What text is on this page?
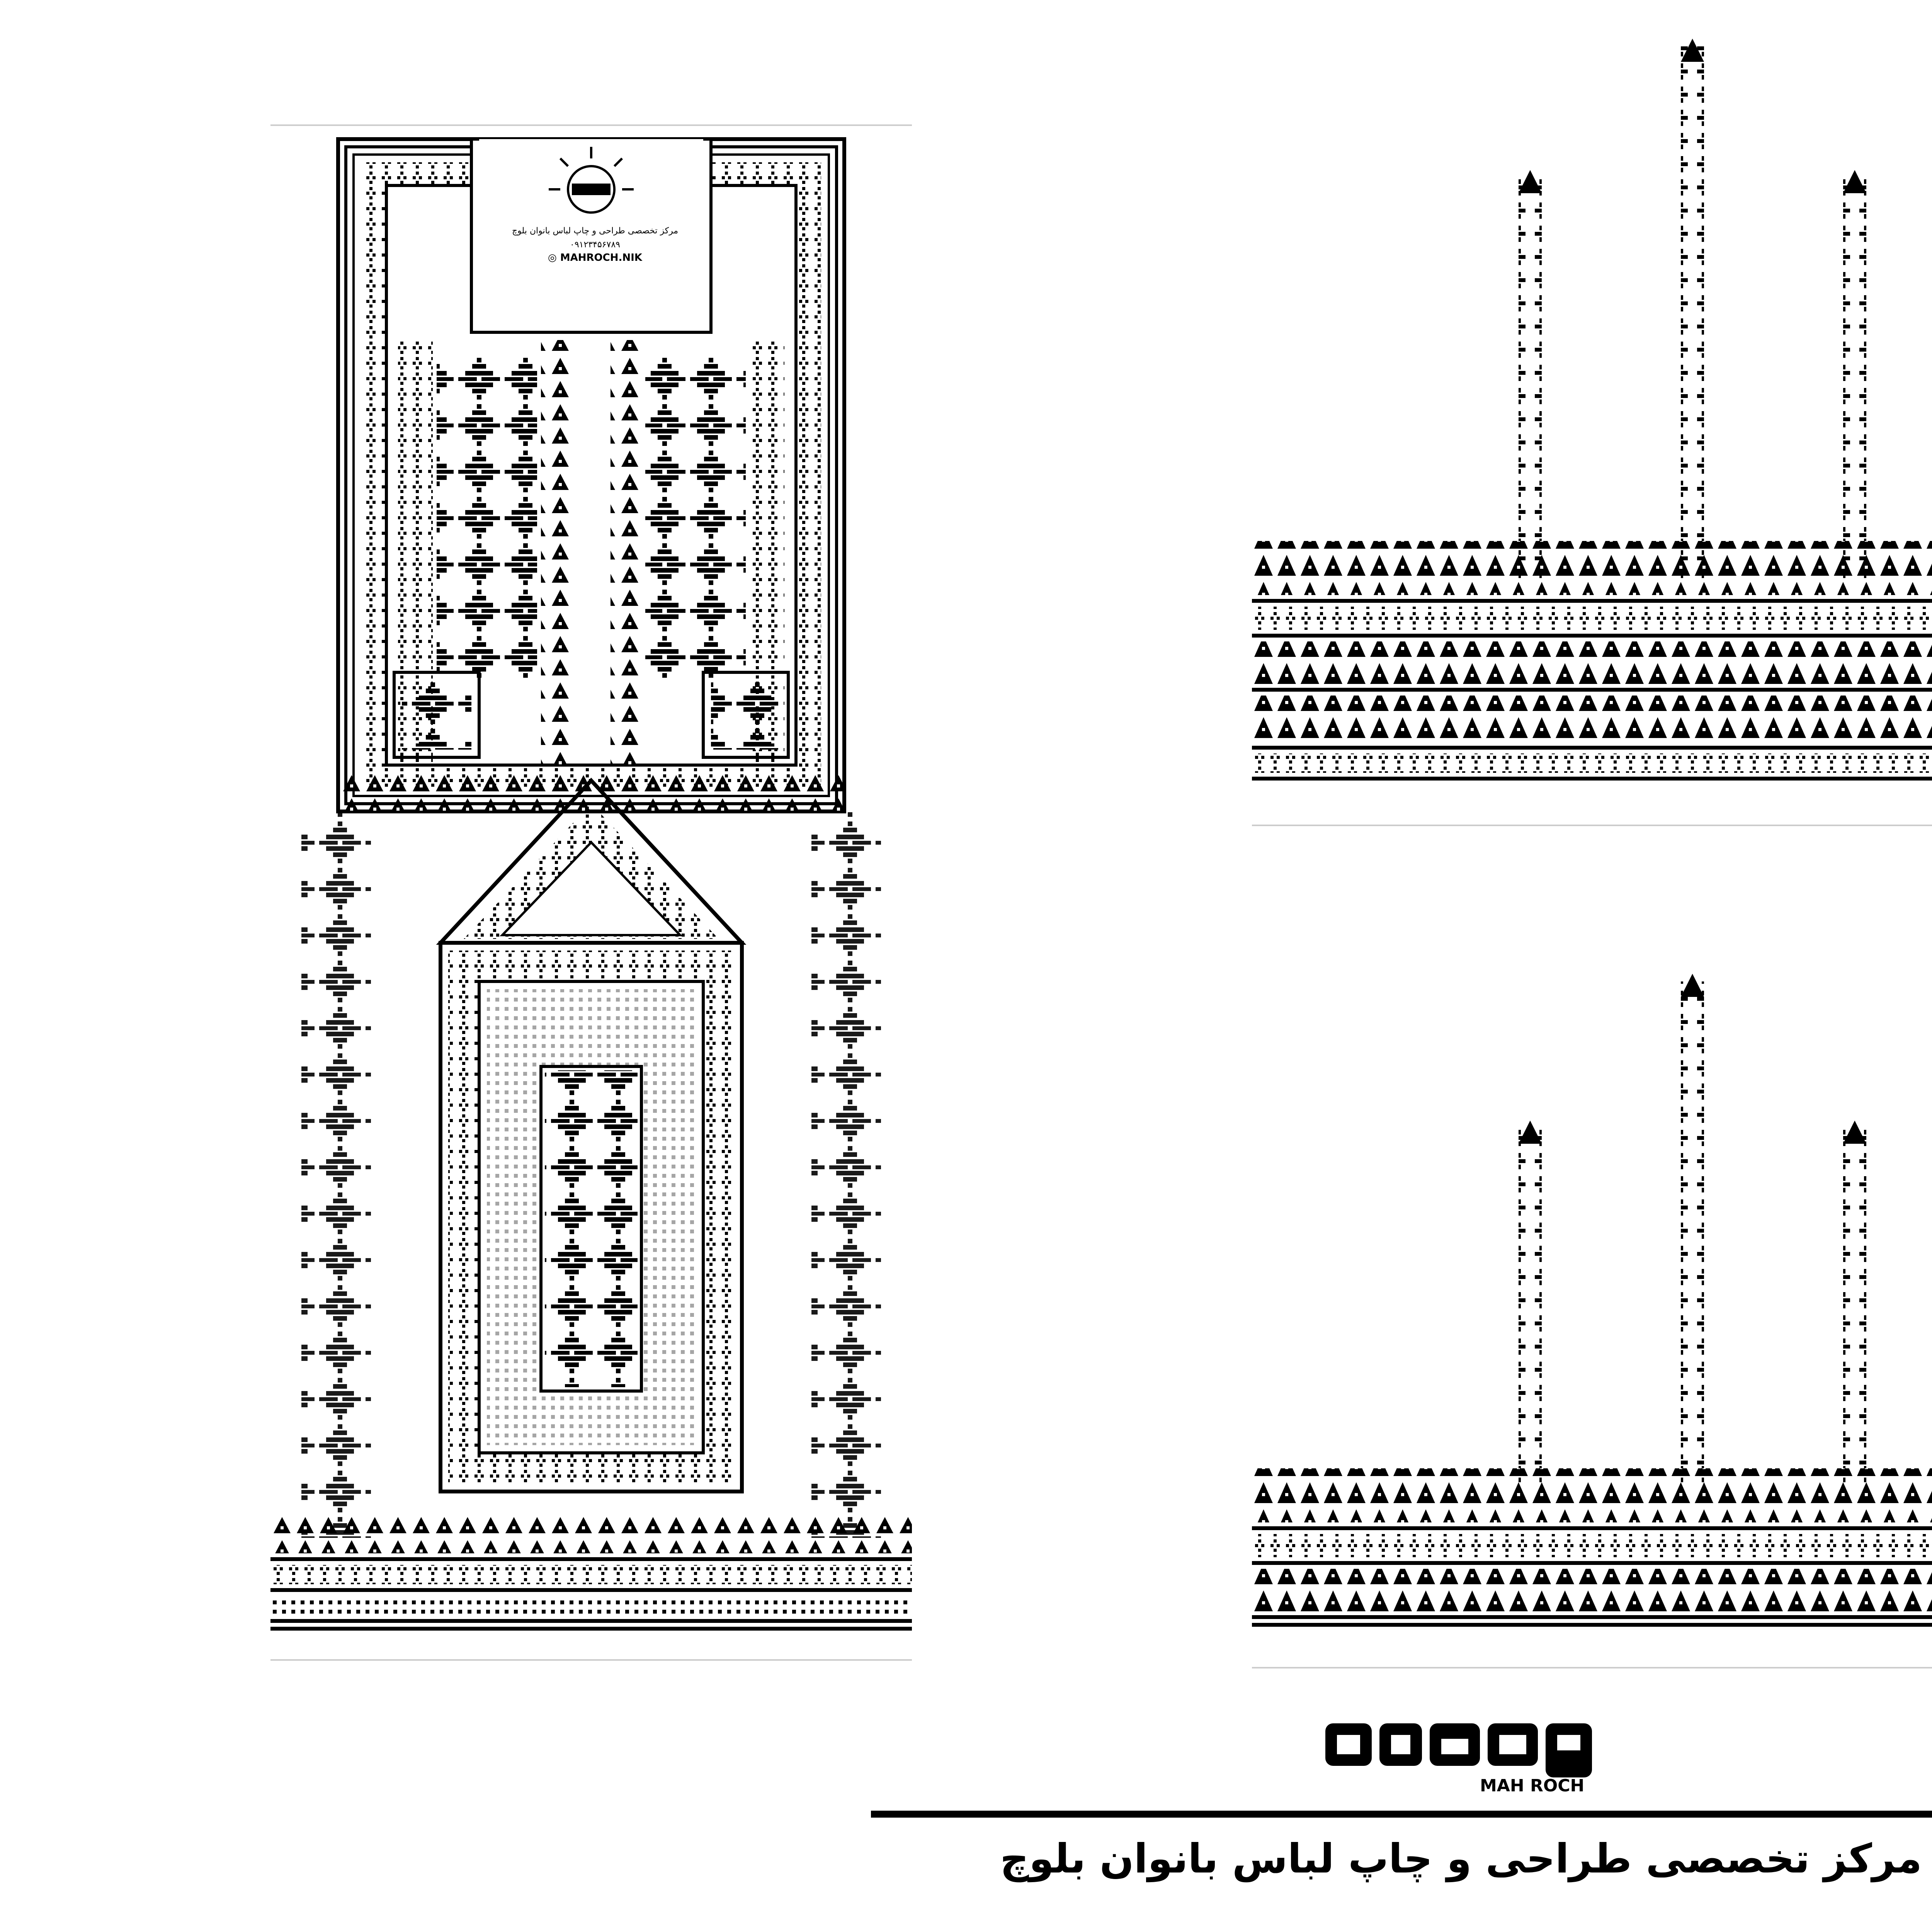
مرکز تخصصی طراحی و چاپ لباس بانوان بلوچ
۰۹۱۲۳۴۵۶۷۸۹
◎ MAHROCH.NIK
MAH ROCH
مرکز تخصصی طراحی و چاپ لباس بانوان بلوچ
